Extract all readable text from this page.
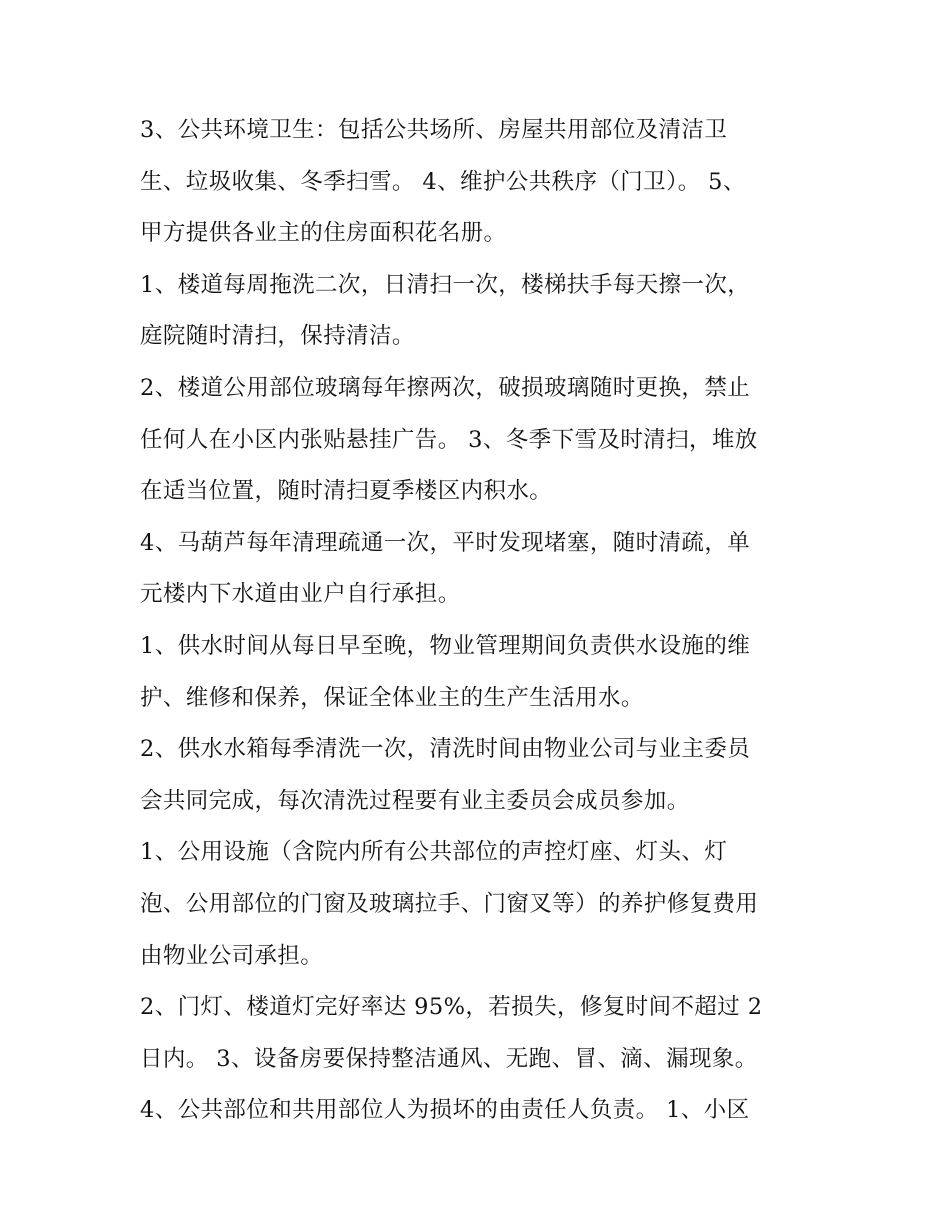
3、公共环境卫生：包括公共场所、房屋共用部位及清洁卫
生、垃圾收集、冬季扫雪。 4、维护公共秩序（门卫）。 5、
甲方提供各业主的住房面积花名册。
1、楼道每周拖洗二次，日清扫一次，楼梯扶手每天擦一次，
庭院随时清扫，保持清洁。
2、楼道公用部位玻璃每年擦两次，破损玻璃随时更换，禁止
任何人在小区内张贴悬挂广告。 3、冬季下雪及时清扫，堆放
在适当位置，随时清扫夏季楼区内积水。
4、马葫芦每年清理疏通一次，平时发现堵塞，随时清疏，单
元楼内下水道由业户自行承担。
1、供水时间从每日早至晚，物业管理期间负责供水设施的维
护、维修和保养，保证全体业主的生产生活用水。
2、供水水箱每季清洗一次，清洗时间由物业公司与业主委员
会共同完成，每次清洗过程要有业主委员会成员参加。
1、公用设施（含院内所有公共部位的声控灯座、灯头、灯
泡、公用部位的门窗及玻璃拉手、门窗叉等）的养护修复费用
由物业公司承担。
2、门灯、楼道灯完好率达 95%，若损失，修复时间不超过 2
日内。 3、设备房要保持整洁通风、无跑、冒、滴、漏现象。
4、公共部位和共用部位人为损坏的由责任人负责。 1、小区
